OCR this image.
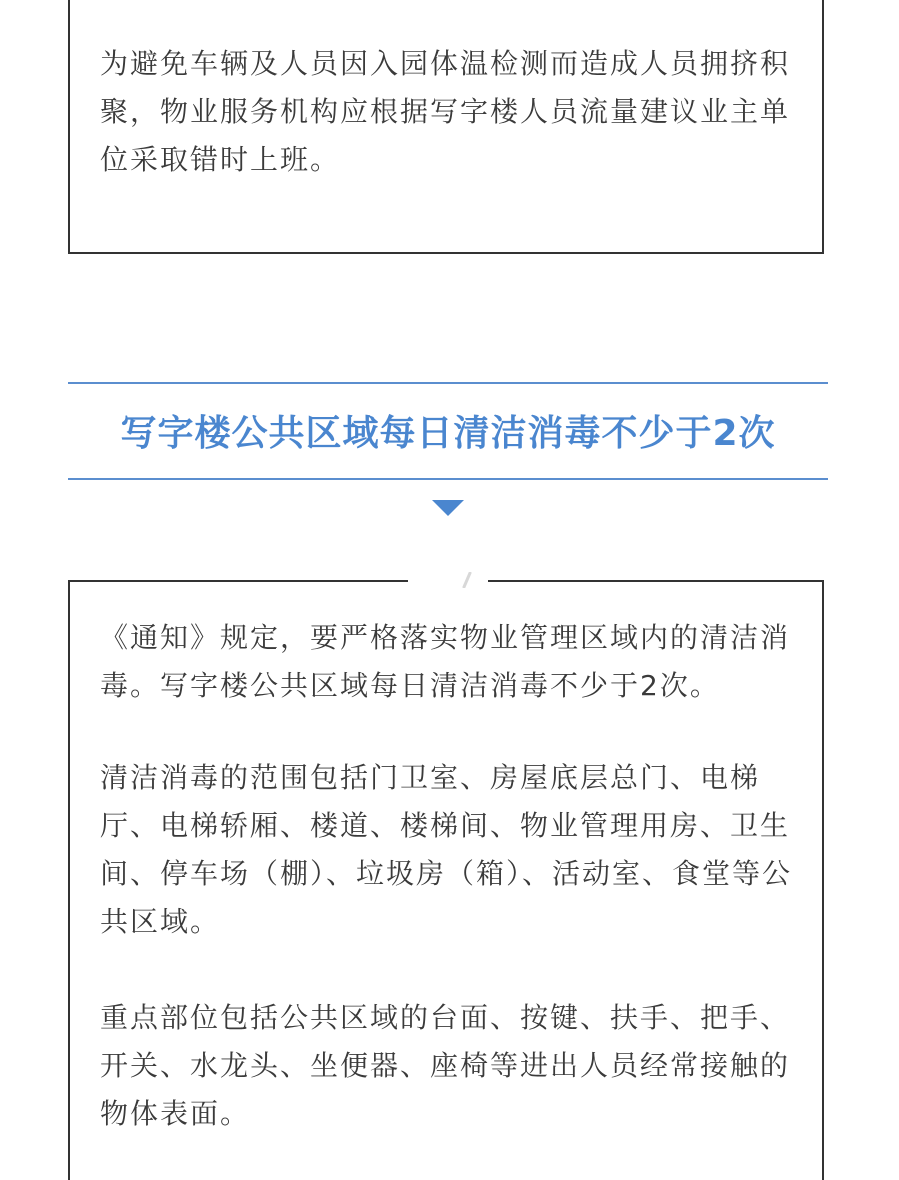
为避免车辆及人员因入园体温检测而造成人员拥挤积聚，物业服务机构应根据写字楼人员流量建议业主单位采取错时上班。

写字楼公共区域每日清洁消毒不少于2次

《通知》规定，要严格落实物业管理区域内的清洁消毒。写字楼公共区域每日清洁消毒不少于2次。

清洁消毒的范围包括门卫室、房屋底层总门、电梯厅、电梯轿厢、楼道、楼梯间、物业管理用房、卫生间、停车场（棚）、垃圾房（箱）、活动室、食堂等公共区域。

重点部位包括公共区域的台面、按键、扶手、把手、开关、水龙头、坐便器、座椅等进出人员经常接触的物体表面。
